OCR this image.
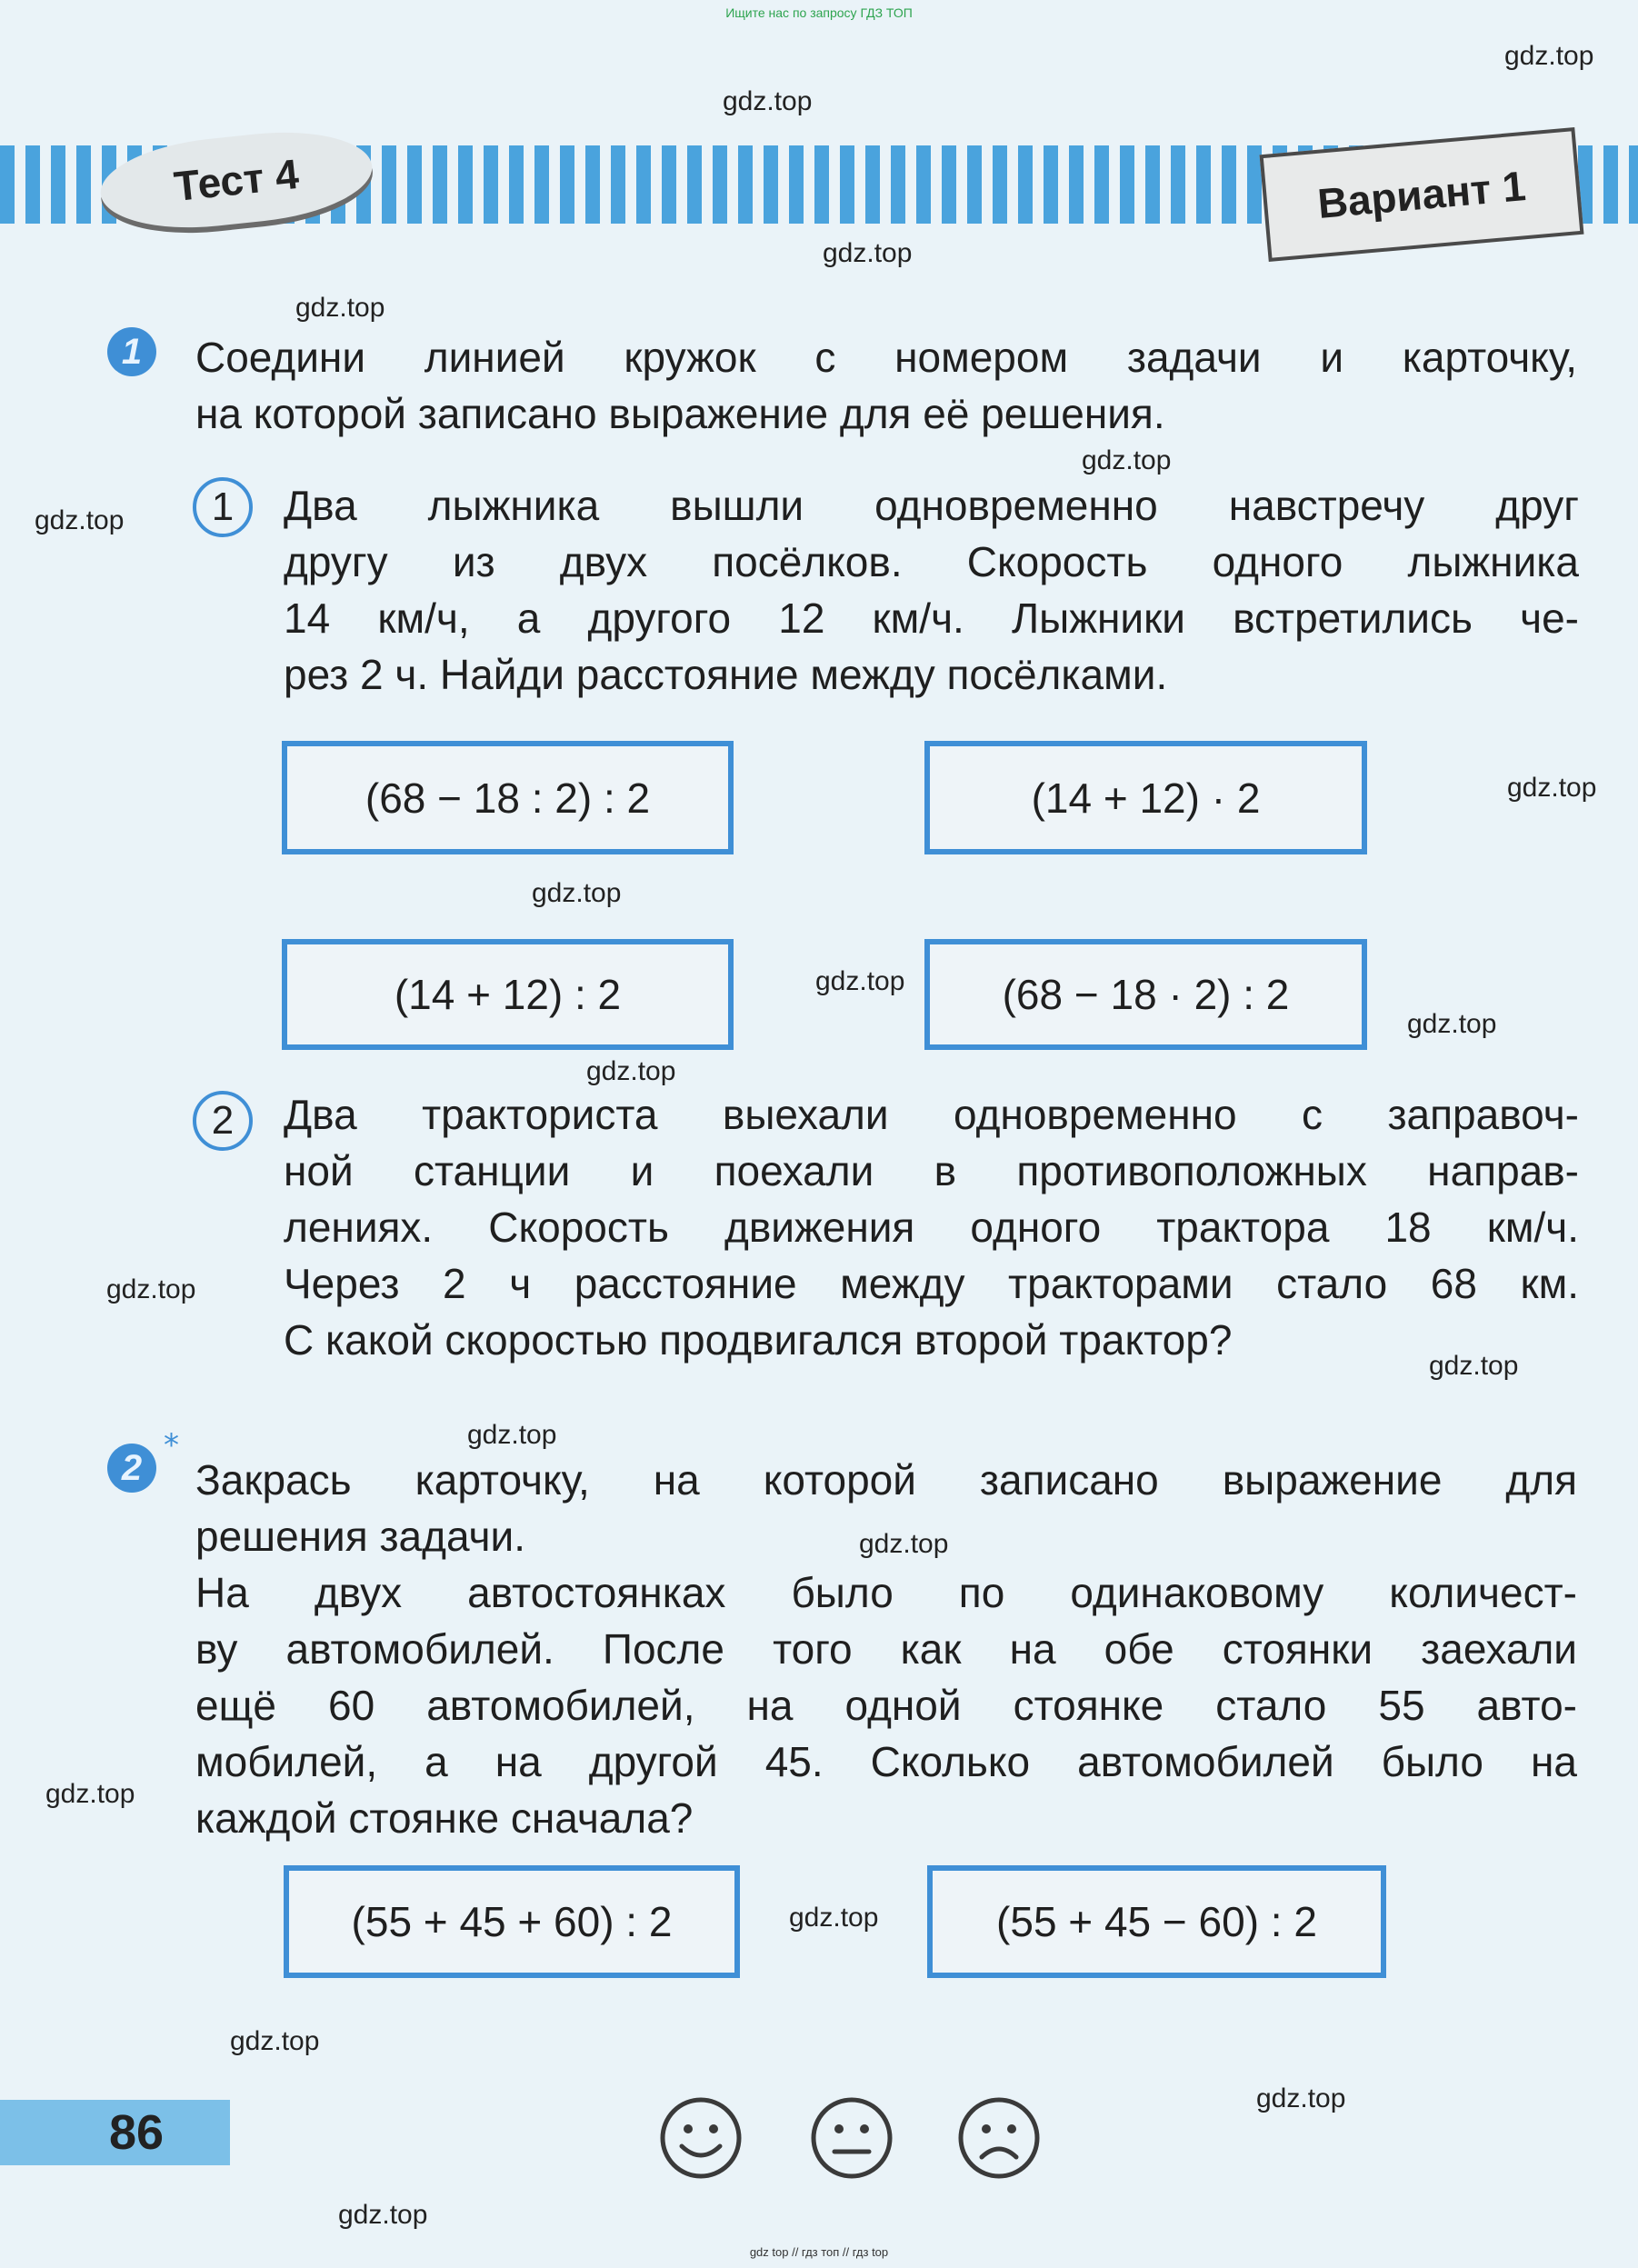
Ищите нас по запросу ГДЗ ТОП
Тест 4	Вариант 1
gdz.top
gdz.top
gdz.top
gdz.top
gdz.top
gdz.top
gdz.top
gdz.top
gdz.top
gdz.top
gdz.top
gdz.top
gdz.top
gdz.top
gdz.top
gdz.top
gdz.top
gdz.top
gdz.top
gdz.top
1	Соедини линией кружок с номером задачи и карточку,

на которой записано выражение для её решения.

1	Два лыжника вышли одновременно навстречу друг

другу из двух посёлков. Скорость одного лыжника

14 км/ч, а другого 12 км/ч. Лыжники встретились че-

рез 2 ч. Найди расстояние между посёлками.

(68 − 18 : 2) : 2	(14 + 12) · 2
(14 + 12) : 2	(68 − 18 · 2) : 2
2	Два тракториста выехали одновременно с заправоч-

ной станции и поехали в противоположных направ-

лениях. Скорость движения одного трактора 18 км/ч.

Через 2 ч расстояние между тракторами стало 68 км.

С какой скоростью продвигался второй трактор?

2
*

Закрась карточку, на которой записано выражение для

решения задачи.

На двух автостоянках было по одинаковому количест-

ву автомобилей. После того как на обе стоянки заехали

ещё 60 автомобилей, на одной стоянке стало 55 авто-

мобилей, а на другой 45. Сколько автомобилей было на

каждой стоянке сначала?

(55 + 45 + 60) : 2	(55 + 45 − 60) : 2
86
gdz top // гдз топ // гдз top
